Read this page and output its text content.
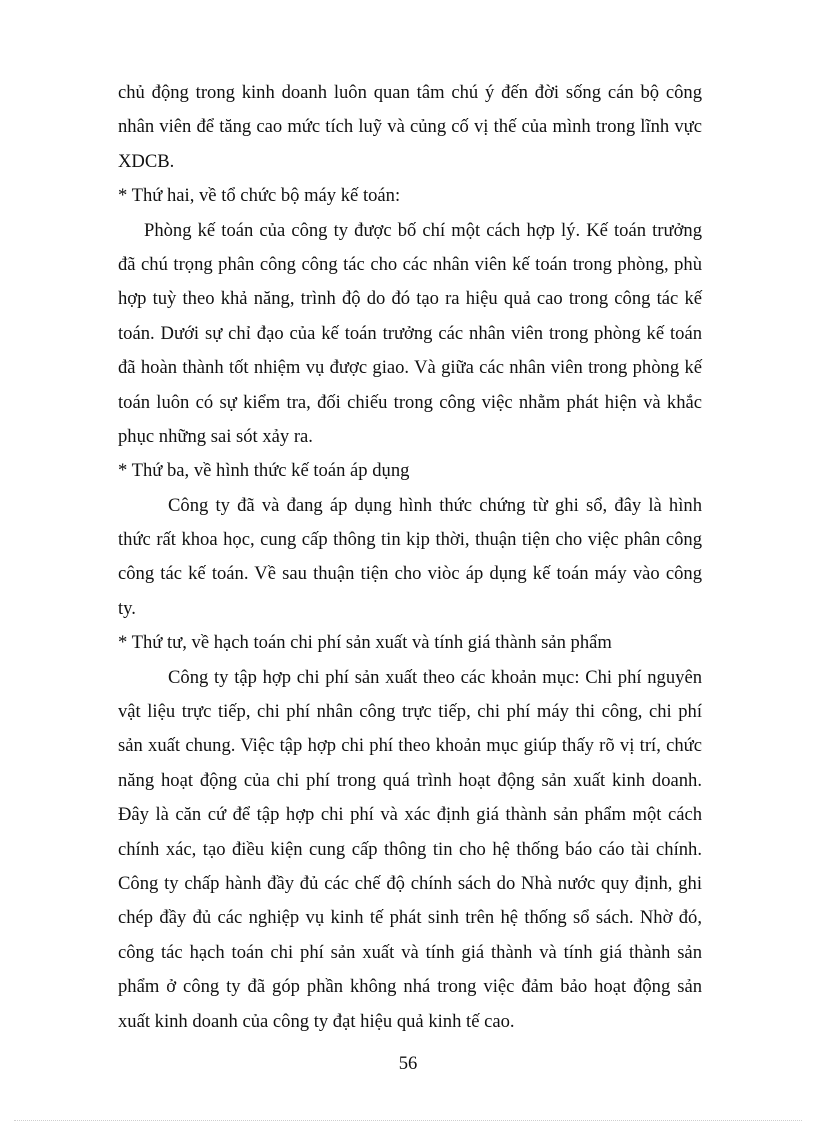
chủ động trong kinh doanh luôn quan tâm chú ý đến đời sống cán bộ công
nhân viên để tăng cao mức tích luỹ và củng cố vị thế của mình trong lĩnh vực
XDCB.
* Thứ hai, về tổ chức bộ máy kế toán:
Phòng kế toán của công ty được bố chí một cách hợp lý. Kế toán trưởng
đã chú trọng phân công công tác cho các nhân viên kế toán trong phòng, phù
hợp tuỳ theo khả năng, trình độ do đó tạo ra hiệu quả cao trong công tác kế
toán. Dưới sự chỉ đạo của kế toán trưởng các nhân viên trong phòng kế toán
đã hoàn thành tốt nhiệm vụ được giao. Và giữa các nhân viên trong phòng kế
toán luôn có sự kiểm tra, đối chiếu trong công việc nhằm phát hiện và khắc
phục những sai sót xảy ra.
* Thứ ba, về hình thức kế toán áp dụng
Công ty đã và đang áp dụng hình thức chứng từ ghi sổ, đây là hình
thức rất khoa học, cung cấp thông tin kịp thời, thuận tiện cho việc phân công
công tác kế toán. Về sau thuận tiện cho viòc áp dụng kế toán máy vào công
ty.
* Thứ tư, về hạch toán chi phí sản xuất và tính giá thành sản phẩm
Công ty tập hợp chi phí sản xuất theo các khoản mục: Chi phí nguyên
vật liệu trực tiếp, chi phí nhân công trực tiếp, chi phí máy thi công, chi phí
sản xuất chung. Việc tập hợp chi phí theo khoản mục giúp thấy rõ vị trí, chức
năng hoạt động của chi phí trong quá trình hoạt động sản xuất kinh doanh.
Đây là căn cứ để tập hợp chi phí và xác định giá thành sản phẩm một cách
chính xác, tạo điều kiện cung cấp thông tin cho hệ thống báo cáo tài chính.
Công ty chấp hành đầy đủ các chế độ chính sách do Nhà nước quy định, ghi
chép đầy đủ các nghiệp vụ kinh tế phát sinh trên hệ thống sổ sách. Nhờ đó,
công tác hạch toán chi phí sản xuất và tính giá thành và tính giá thành sản
phẩm ở công ty đã góp phần không nhá trong việc đảm bảo hoạt động sản
xuất kinh doanh của công ty đạt hiệu quả kinh tế cao.
56
